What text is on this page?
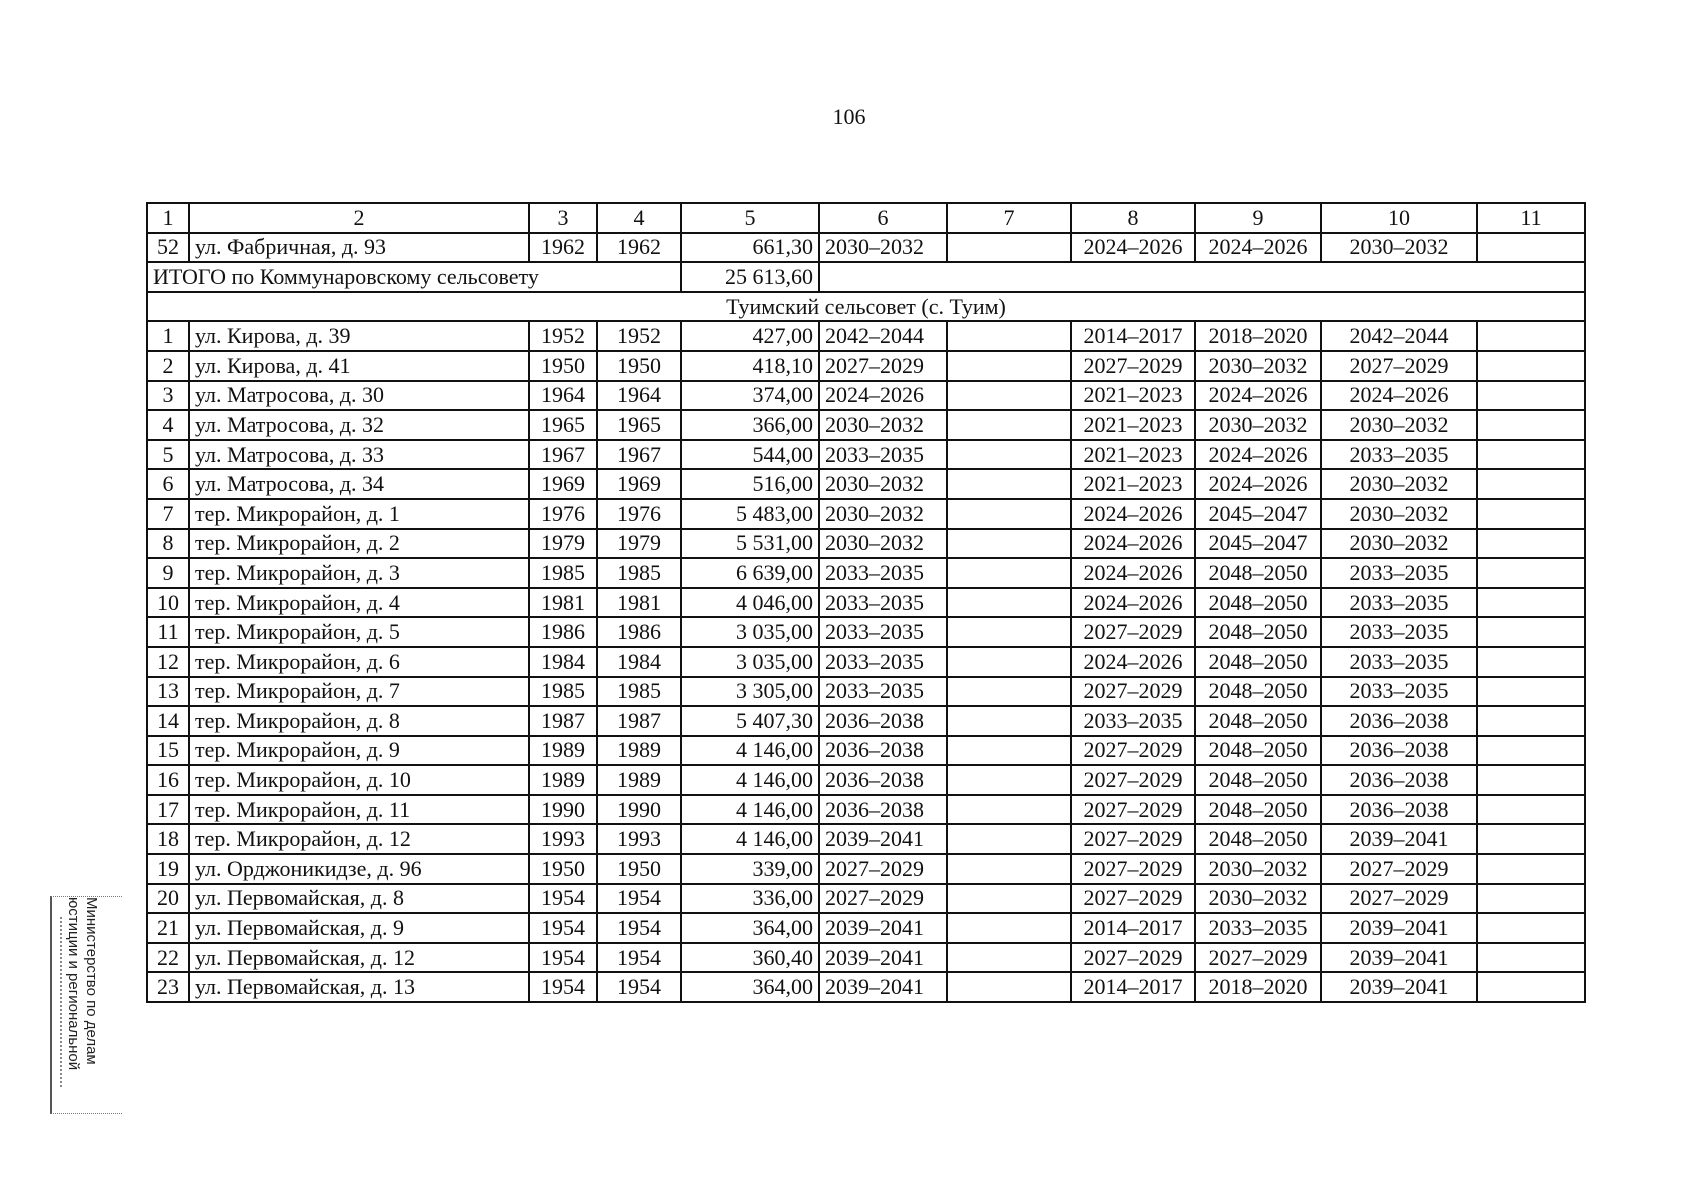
106
1	2	3	4	5	6	7	8	9	10	11
52	ул. Фабричная, д. 93	1962	1962	661,30	2030–2032		2024–2026	2024–2026	2030–2032	
ИТОГО по Коммунаровскому сельсовету				25 613,60						
Туимский сельсовет (с. Туим)										
1	ул. Кирова, д. 39	1952	1952	427,00	2042–2044		2014–2017	2018–2020	2042–2044	
2	ул. Кирова, д. 41	1950	1950	418,10	2027–2029		2027–2029	2030–2032	2027–2029	
3	ул. Матросова, д. 30	1964	1964	374,00	2024–2026		2021–2023	2024–2026	2024–2026	
4	ул. Матросова, д. 32	1965	1965	366,00	2030–2032		2021–2023	2030–2032	2030–2032	
5	ул. Матросова, д. 33	1967	1967	544,00	2033–2035		2021–2023	2024–2026	2033–2035	
6	ул. Матросова, д. 34	1969	1969	516,00	2030–2032		2021–2023	2024–2026	2030–2032	
7	тер. Микрорайон, д. 1	1976	1976	5 483,00	2030–2032		2024–2026	2045–2047	2030–2032	
8	тер. Микрорайон, д. 2	1979	1979	5 531,00	2030–2032		2024–2026	2045–2047	2030–2032	
9	тер. Микрорайон, д. 3	1985	1985	6 639,00	2033–2035		2024–2026	2048–2050	2033–2035	
10	тер. Микрорайон, д. 4	1981	1981	4 046,00	2033–2035		2024–2026	2048–2050	2033–2035	
11	тер. Микрорайон, д. 5	1986	1986	3 035,00	2033–2035		2027–2029	2048–2050	2033–2035	
12	тер. Микрорайон, д. 6	1984	1984	3 035,00	2033–2035		2024–2026	2048–2050	2033–2035	
13	тер. Микрорайон, д. 7	1985	1985	3 305,00	2033–2035		2027–2029	2048–2050	2033–2035	
14	тер. Микрорайон, д. 8	1987	1987	5 407,30	2036–2038		2033–2035	2048–2050	2036–2038	
15	тер. Микрорайон, д. 9	1989	1989	4 146,00	2036–2038		2027–2029	2048–2050	2036–2038	
16	тер. Микрорайон, д. 10	1989	1989	4 146,00	2036–2038		2027–2029	2048–2050	2036–2038	
17	тер. Микрорайон, д. 11	1990	1990	4 146,00	2036–2038		2027–2029	2048–2050	2036–2038	
18	тер. Микрорайон, д. 12	1993	1993	4 146,00	2039–2041		2027–2029	2048–2050	2039–2041	
19	ул. Орджоникидзе, д. 96	1950	1950	339,00	2027–2029		2027–2029	2030–2032	2027–2029	
20	ул. Первомайская, д. 8	1954	1954	336,00	2027–2029		2027–2029	2030–2032	2027–2029	
21	ул. Первомайская, д. 9	1954	1954	364,00	2039–2041		2014–2017	2033–2035	2039–2041	
22	ул. Первомайская, д. 12	1954	1954	360,40	2039–2041		2027–2029	2027–2029	2039–2041	
23	ул. Первомайская, д. 13	1954	1954	364,00	2039–2041		2014–2017	2018–2020	2039–2041	
Министерство по делам
юстиции и региональной
